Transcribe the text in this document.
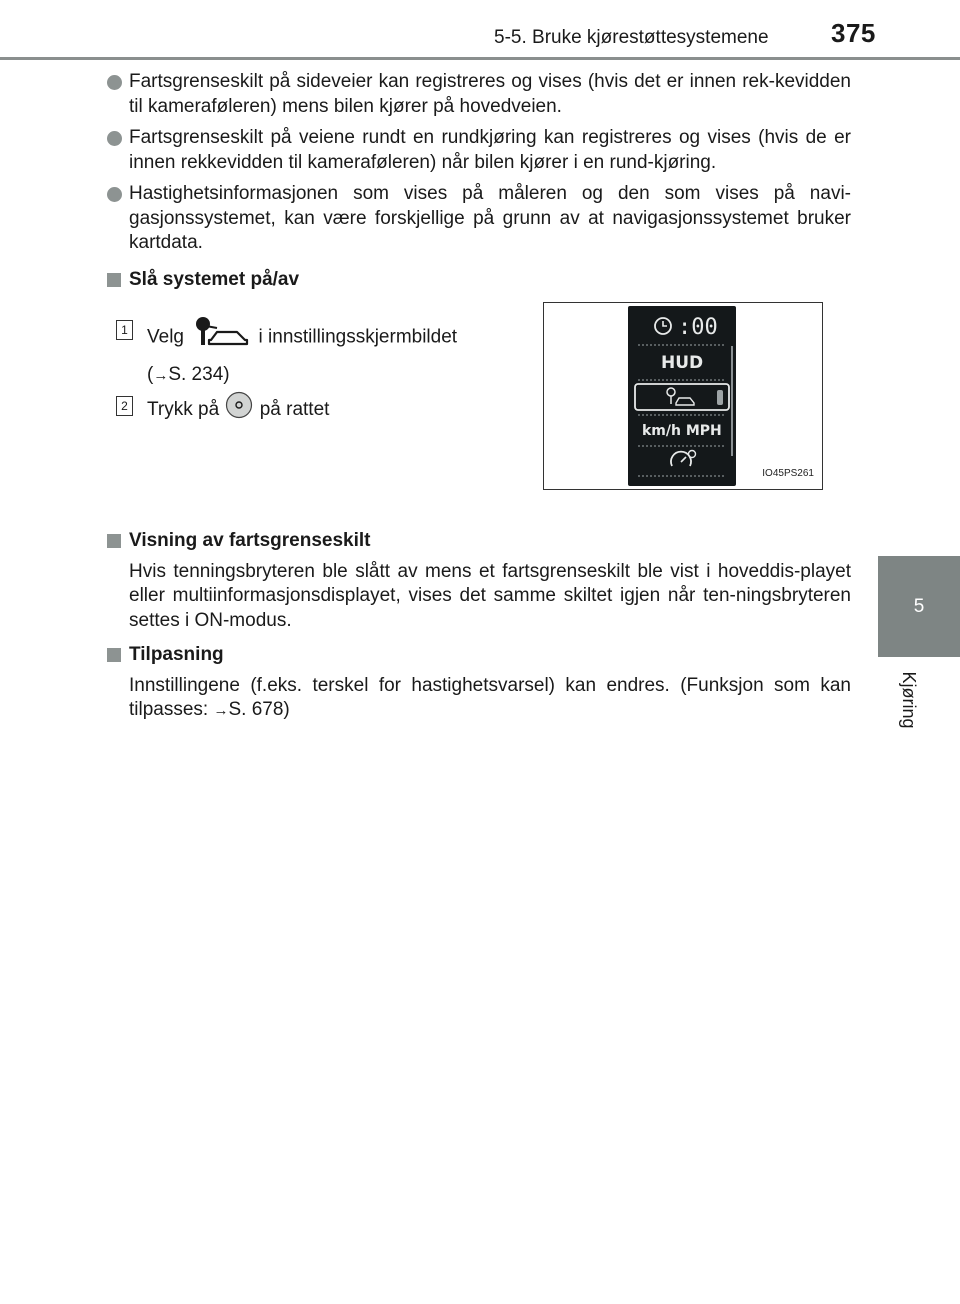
5-5. Bruke kjørestøttesystemene 375
5
Kjøring
Fartsgrenseskilt på sideveier kan registreres og vises (hvis det er innen rek-kevidden til kameraføleren) mens bilen kjører på hovedveien.
Fartsgrenseskilt på veiene rundt en rundkjøring kan registreres og vises (hvis de er innen rekkevidden til kameraføleren) når bilen kjører i en rund-kjøring.
Hastighetsinformasjonen som vises på måleren og den som vises på navi-gasjonssystemet, kan være forskjellige på grunn av at navigasjonssystemet bruker kartdata.
Slå systemet på/av
1 Velg	i innstillingsskjermbildet
(→S. 234)
2 Trykk på på rattet
:00
HUD
km/h MPH
IO45PS261
Visning av fartsgrenseskilt
Hvis tenningsbryteren ble slått av mens et fartsgrenseskilt ble vist i hoveddis-playet eller multiinformasjonsdisplayet, vises det samme skiltet igjen når ten-ningsbryteren settes i ON-modus.
Tilpasning
Innstillingene (f.eks. terskel for hastighetsvarsel) kan endres. (Funksjon som kan tilpasses: →S. 678)
